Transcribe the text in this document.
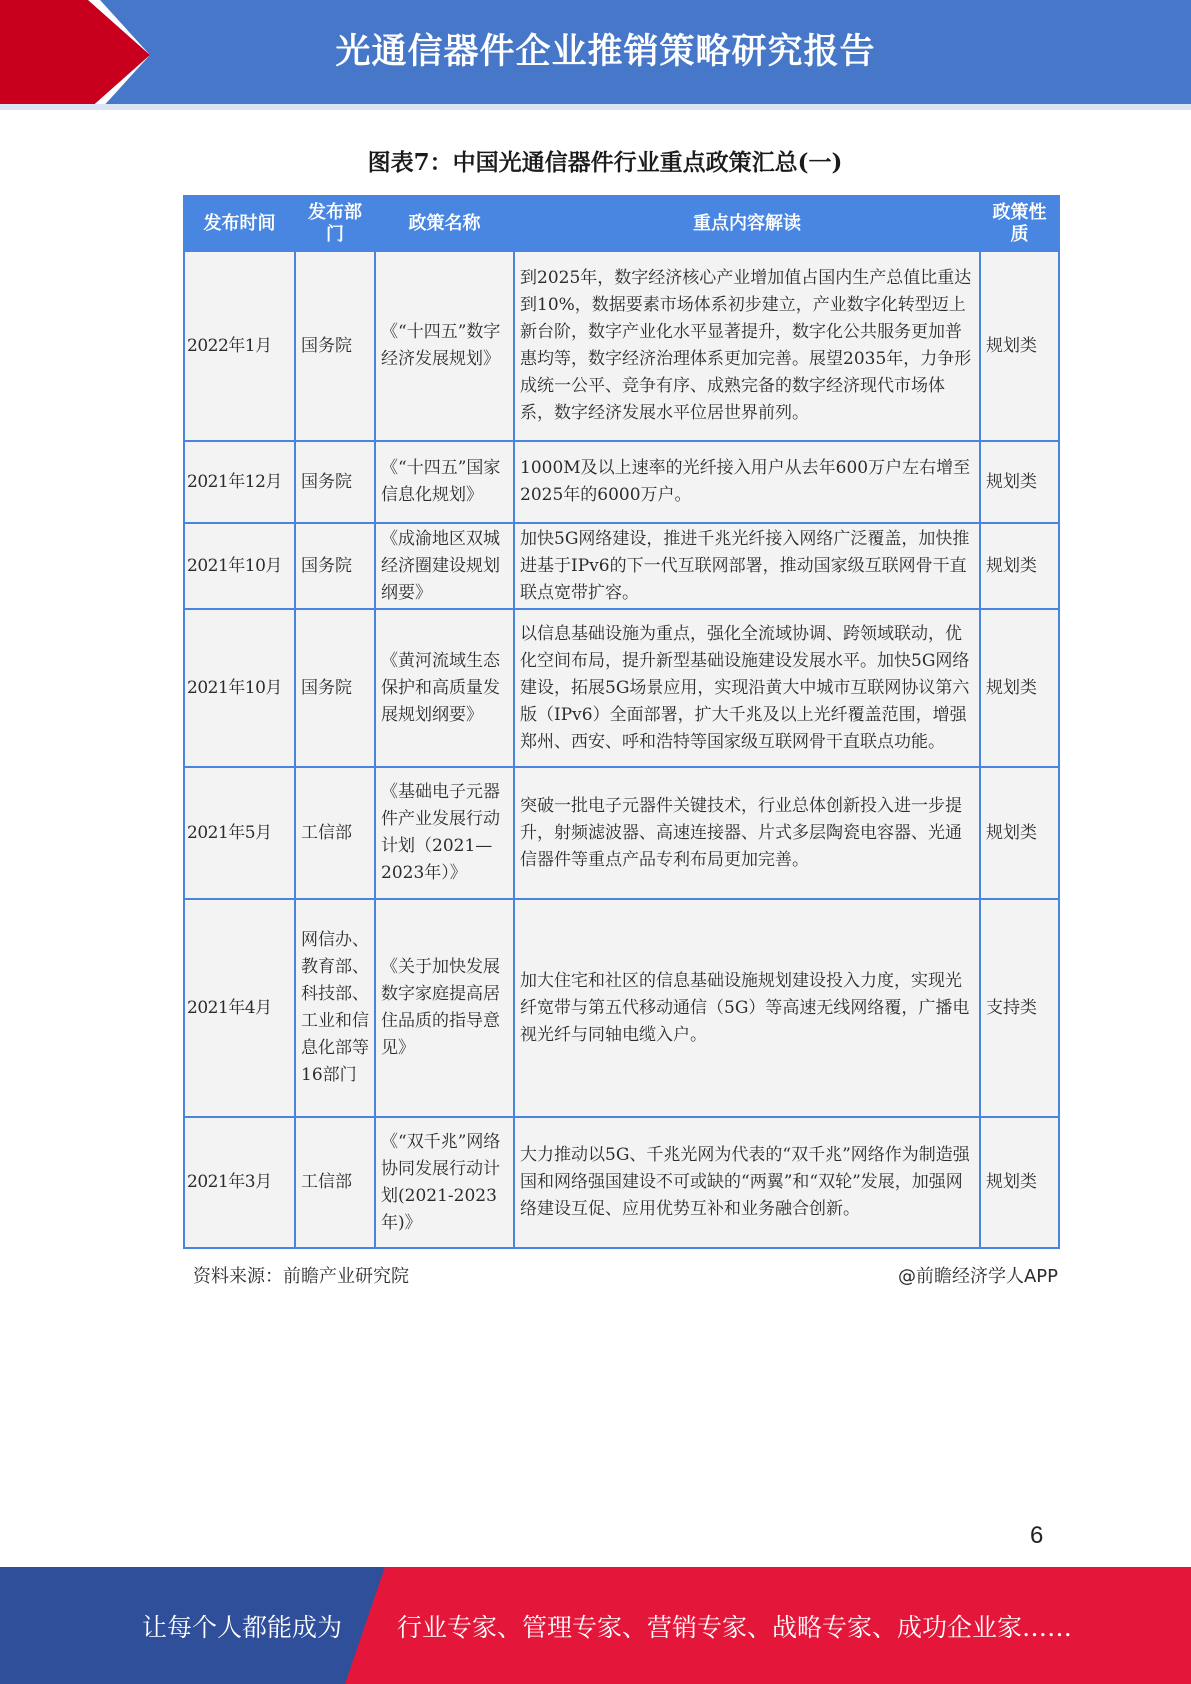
光通信器件企业推销策略研究报告
图表7：中国光通信器件行业重点政策汇总(一)
发布时间	发布部门	政策名称	重点内容解读	政策性质
2022年1月	国务院	《“十四五”数字经济发展规划》	到2025年，数字经济核心产业增加值占国内生产总值比重达到10%，数据要素市场体系初步建立，产业数字化转型迈上新台阶，数字产业化水平显著提升，数字化公共服务更加普惠均等，数字经济治理体系更加完善。展望2035年，力争形成统一公平、竞争有序、成熟完备的数字经济现代市场体系，数字经济发展水平位居世界前列。	规划类
2021年12月	国务院	《“十四五”国家信息化规划》	1000M及以上速率的光纤接入用户从去年600万户左右增至2025年的6000万户。	规划类
2021年10月	国务院	《成渝地区双城经济圈建设规划纲要》	加快5G网络建设，推进千兆光纤接入网络广泛覆盖，加快推进基于IPv6的下一代互联网部署，推动国家级互联网骨干直联点宽带扩容。	规划类
2021年10月	国务院	《黄河流域生态保护和高质量发展规划纲要》	以信息基础设施为重点，强化全流域协调、跨领域联动，优化空间布局，提升新型基础设施建设发展水平。加快5G网络建设，拓展5G场景应用，实现沿黄大中城市互联网协议第六版（IPv6）全面部署，扩大千兆及以上光纤覆盖范围，增强郑州、西安、呼和浩特等国家级互联网骨干直联点功能。	规划类
2021年5月	工信部	《基础电子元器件产业发展行动计划（2021—2023年）》	突破一批电子元器件关键技术，行业总体创新投入进一步提升，射频滤波器、高速连接器、片式多层陶瓷电容器、光通信器件等重点产品专利布局更加完善。	规划类
2021年4月	网信办、教育部、科技部、工业和信息化部等16部门	《关于加快发展数字家庭提高居住品质的指导意见》	加大住宅和社区的信息基础设施规划建设投入力度，实现光纤宽带与第五代移动通信（5G）等高速无线网络覆，广播电视光纤与同轴电缆入户。	支持类
2021年3月	工信部	《“双千兆”网络协同发展行动计划(2021-2023年)》	大力推动以5G、千兆光网为代表的“双千兆”网络作为制造强国和网络强国建设不可或缺的“两翼”和“双轮”发展，加强网络建设互促、应用优势互补和业务融合创新。	规划类
资料来源：前瞻产业研究院	@前瞻经济学人APP
6
让每个人都能成为 行业专家、管理专家、营销专家、战略专家、成功企业家……
